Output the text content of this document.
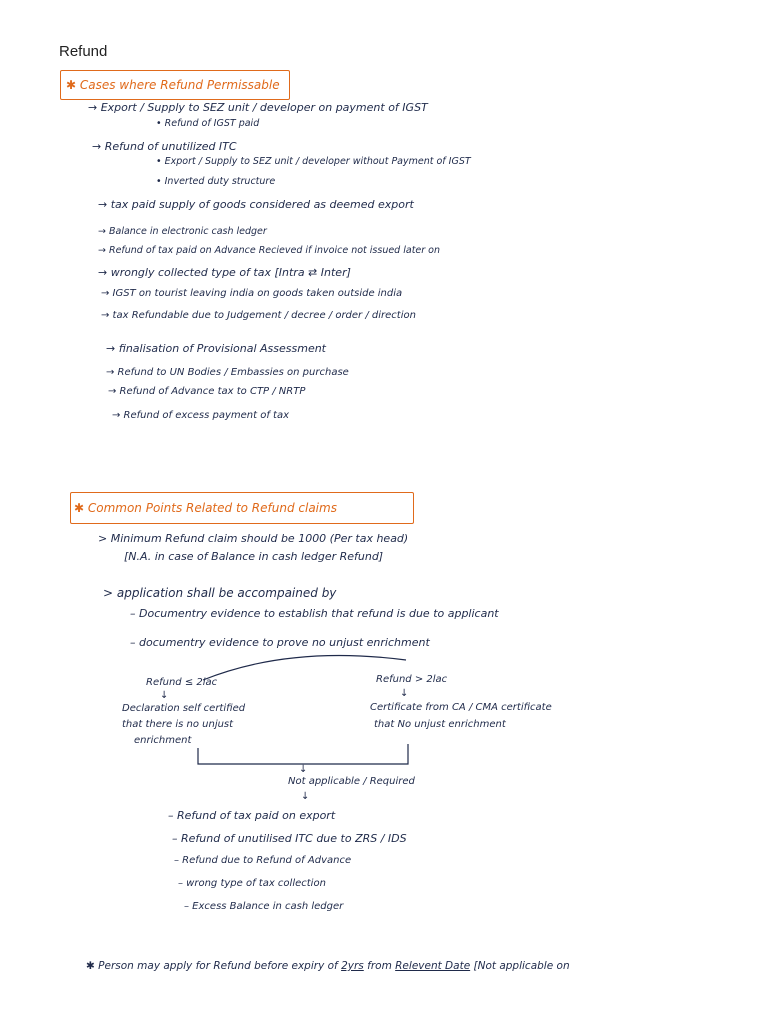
Refund
✱ Cases where Refund Permissable
→ Export / Supply to SEZ unit / developer on payment of IGST
• Refund of IGST paid
→ Refund of unutilized ITC
• Export / Supply to SEZ unit / developer without Payment of IGST
• Inverted duty structure
→ tax paid supply of goods considered as deemed export
→ Balance in electronic cash ledger
→ Refund of tax paid on Advance Recieved if invoice not issued later on
→ wrongly collected type of tax [Intra ⇄ Inter]
→ IGST on tourist leaving india on goods taken outside india
→ tax Refundable due to Judgement / decree / order / direction
→ finalisation of Provisional Assessment
→ Refund to UN Bodies / Embassies on purchase
→ Refund of Advance tax to CTP / NRTP
→ Refund of excess payment of tax
✱ Common Points Related to Refund claims
> Minimum Refund claim should be 1000 (Per tax head)
[N.A. in case of Balance in cash ledger Refund]
> application shall be accompained by
– Documentry evidence to establish that refund is due to applicant
– documentry evidence to prove no unjust enrichment
Refund ≤ 2lac
↓
Declaration self certified
that there is no unjust
enrichment
Refund > 2lac
↓
Certificate from CA / CMA certificate
that No unjust enrichment
↓
Not applicable / Required
↓
– Refund of tax paid on export
– Refund of unutilised ITC due to ZRS / IDS
– Refund due to Refund of Advance
– wrong type of tax collection
– Excess Balance in cash ledger
✱ Person may apply for Refund before expiry of 2yrs from Relevent Date [Not applicable on
